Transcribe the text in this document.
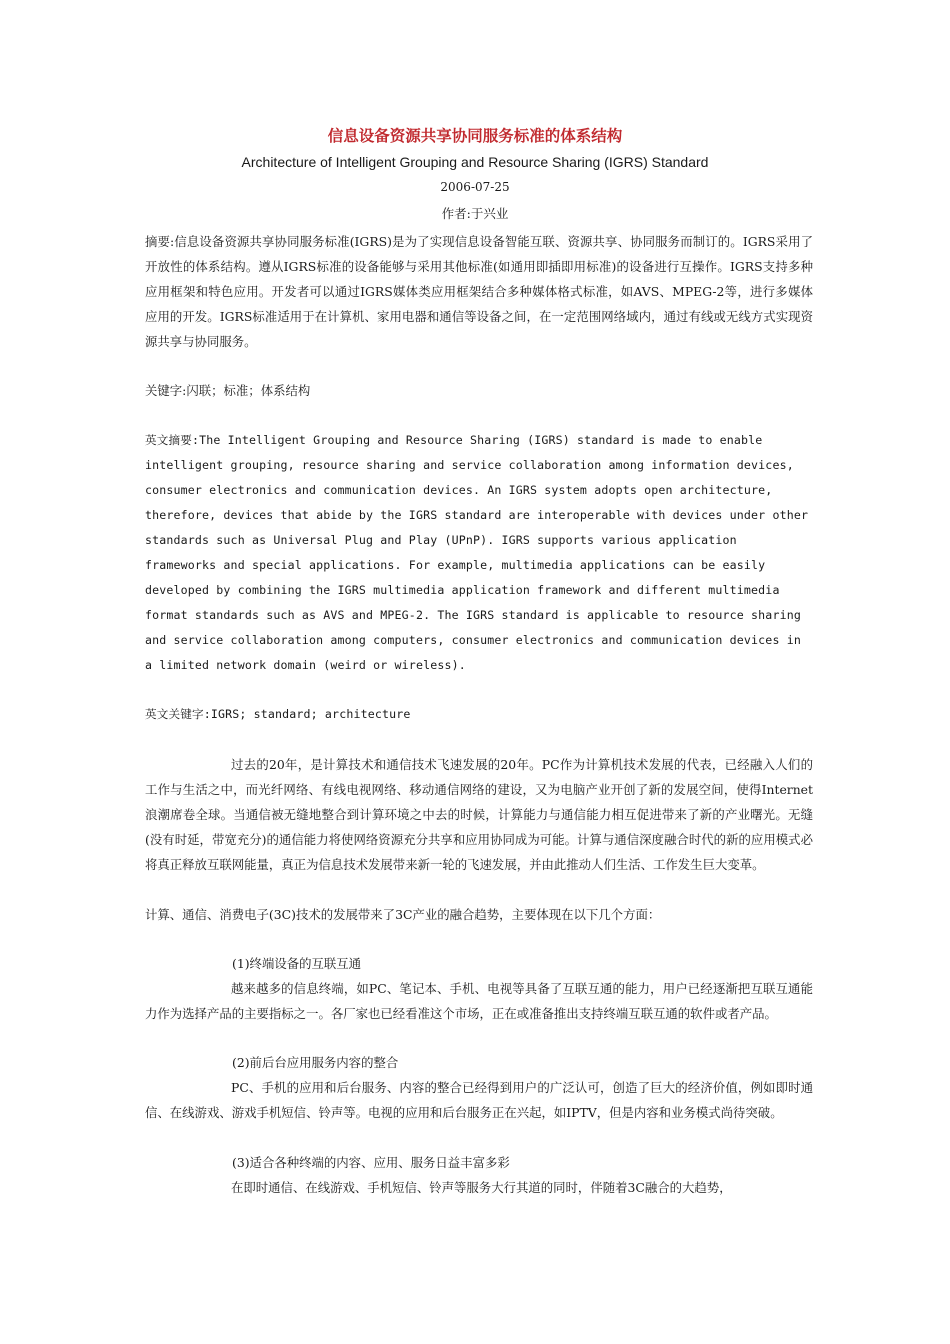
信息设备资源共享协同服务标准的体系结构
Architecture of Intelligent Grouping and Resource Sharing (IGRS) Standard
2006-07-25
作者:于兴业

摘要:信息设备资源共享协同服务标准(IGRS)是为了实现信息设备智能互联、资源共享、协同服务而制订的。IGRS采用了开放性的体系结构。遵从IGRS标准的设备能够与采用其他标准(如通用即插即用标准)的设备进行互操作。IGRS支持多种应用框架和特色应用。开发者可以通过IGRS媒体类应用框架结合多种媒体格式标准，如AVS、MPEG-2等，进行多媒体应用的开发。IGRS标准适用于在计算机、家用电器和通信等设备之间，在一定范围网络域内，通过有线或无线方式实现资源共享与协同服务。

关键字:闪联；标准；体系结构

英文摘要:The Intelligent Grouping and Resource Sharing (IGRS) standard is made to enable intelligent grouping, resource sharing and service collaboration among information devices, consumer electronics and communication devices. An IGRS system adopts open architecture, therefore, devices that abide by the IGRS standard are interoperable with devices under other standards such as Universal Plug and Play (UPnP). IGRS supports various application frameworks and special applications. For example, multimedia applications can be easily developed by combining the IGRS multimedia application framework and different multimedia format standards such as AVS and MPEG-2. The IGRS standard is applicable to resource sharing and service collaboration among computers, consumer electronics and communication devices in a limited network domain (weird or wireless).

英文关键字:IGRS; standard; architecture

过去的20年，是计算技术和通信技术飞速发展的20年。PC作为计算机技术发展的代表，已经融入人们的工作与生活之中，而光纤网络、有线电视网络、移动通信网络的建设，又为电脑产业开创了新的发展空间，使得Internet浪潮席卷全球。当通信被无缝地整合到计算环境之中去的时候，计算能力与通信能力相互促进带来了新的产业曙光。无缝(没有时延，带宽充分)的通信能力将使网络资源充分共享和应用协同成为可能。计算与通信深度融合时代的新的应用模式必将真正释放互联网能量，真正为信息技术发展带来新一轮的飞速发展，并由此推动人们生活、工作发生巨大变革。

计算、通信、消费电子(3C)技术的发展带来了3C产业的融合趋势，主要体现在以下几个方面：

(1)终端设备的互联互通

越来越多的信息终端，如PC、笔记本、手机、电视等具备了互联互通的能力，用户已经逐渐把互联互通能力作为选择产品的主要指标之一。各厂家也已经看准这个市场，正在或准备推出支持终端互联互通的软件或者产品。

(2)前后台应用服务内容的整合

PC、手机的应用和后台服务、内容的整合已经得到用户的广泛认可，创造了巨大的经济价值，例如即时通信、在线游戏、游戏手机短信、铃声等。电视的应用和后台服务正在兴起，如IPTV，但是内容和业务模式尚待突破。

(3)适合各种终端的内容、应用、服务日益丰富多彩

在即时通信、在线游戏、手机短信、铃声等服务大行其道的同时，伴随着3C融合的大趋势，
